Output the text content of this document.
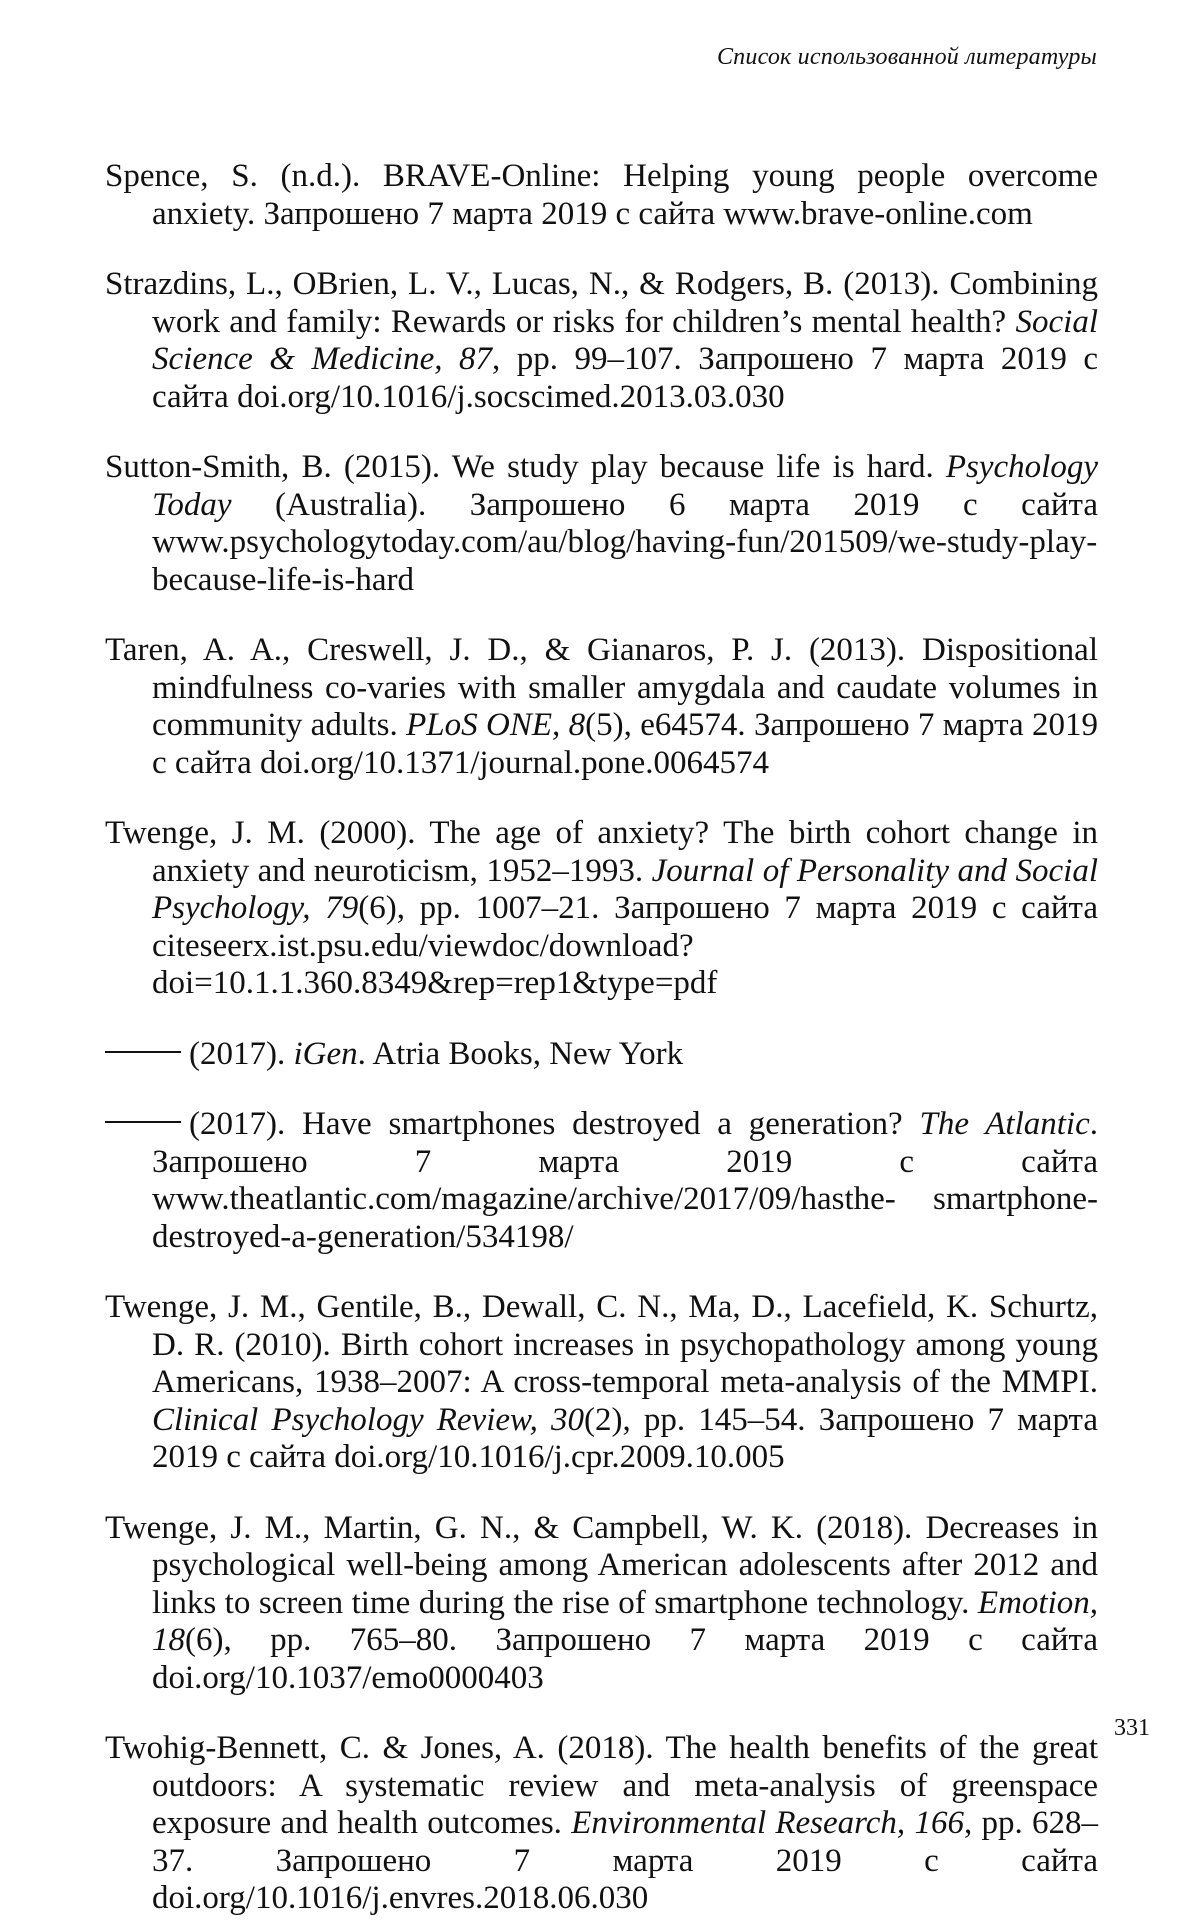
Список использованной литературы

Spence, S. (n.d.). BRAVE-Online: Helping young people overcome anxiety. Запрошено 7 марта 2019 с сайта www.brave-online.com

Strazdins, L., OBrien, L. V., Lucas, N., & Rodgers, B. (2013). Combining work and family: Rewards or risks for children’s mental health? Social Science & Medicine, 87, pp. 99–107. Запрошено 7 марта 2019 с сайта doi.org/10.1016/j.socscimed.2013.03.030

Sutton-Smith, B. (2015). We study play because life is hard. Psychology Today (Australia). Запрошено 6 марта 2019 с сайта www.psychologytoday.com/au/blog/having-fun/201509/we-study-play-because-life-is-hard

Taren, A. A., Creswell, J. D., & Gianaros, P. J. (2013). Dispositional mindfulness co-varies with smaller amygdala and caudate volumes in community adults. PLoS ONE, 8(5), e64574. Запрошено 7 марта 2019 с сайта doi.org/10.1371/journal.pone.0064574

Twenge, J. M. (2000). The age of anxiety? The birth cohort change in anxiety and neuroticism, 1952–1993. Journal of Personality and Social Psychology, 79(6), pp. 1007–21. Запрошено 7 марта 2019 с сайта citeseerx.ist.psu.edu/viewdoc/download?doi=10.1.1.360.8349&rep=rep1&type=pdf

(2017). iGen. Atria Books, New York

(2017). Have smartphones destroyed a generation? The Atlantic. Запрошено 7 марта 2019 с сайта www.theatlantic.com/magazine/archive/2017/09/hasthe- smartphone-destroyed-a-generation/534198/

Twenge, J. M., Gentile, B., Dewall, C. N., Ma, D., Lacefield, K. Schurtz, D. R. (2010). Birth cohort increases in psychopathology among young Americans, 1938–2007: A cross-temporal meta-analysis of the MMPI. Clinical Psychology Review, 30(2), pp. 145–54. Запрошено 7 марта 2019 с сайта doi.org/10.1016/j.cpr.2009.10.005

Twenge, J. M., Martin, G. N., & Campbell, W. K. (2018). Decreases in psychological well-being among American adolescents after 2012 and links to screen time during the rise of smartphone technology. Emotion, 18(6), pp. 765–80. Запрошено 7 марта 2019 с сайта doi.org/10.1037/emo0000403

Twohig-Bennett, C. & Jones, A. (2018). The health benefits of the great outdoors: A systematic review and meta-analysis of greenspace exposure and health outcomes. Environmental Research, 166, pp. 628–37. Запрошено 7 марта 2019 с сайта doi.org/10.1016/j.envres.2018.06.030

331
